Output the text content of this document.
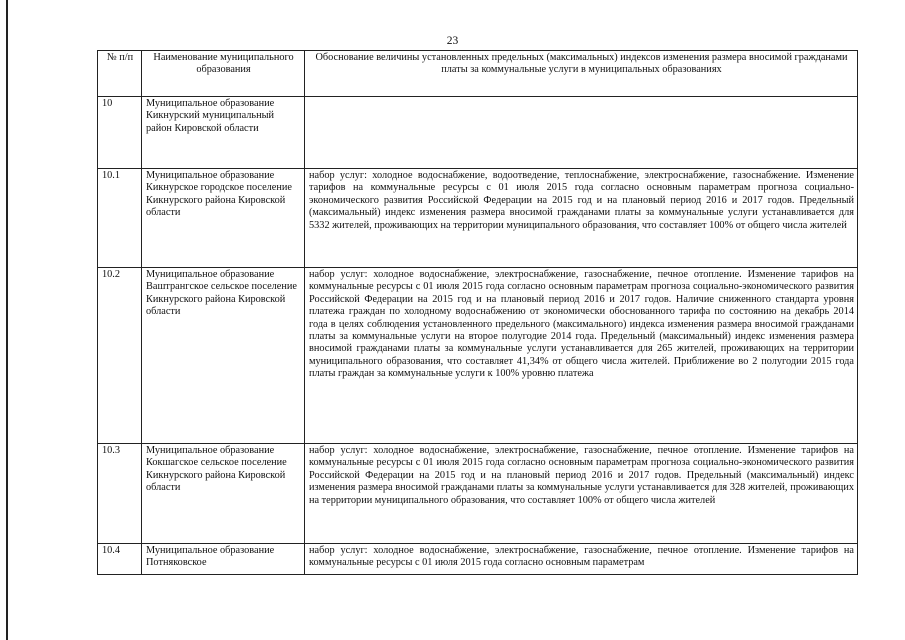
23
№ п/п	Наименование муниципального образования	Обоснование величины установленных предельных (максимальных) индексов изменения размера вносимой гражданами платы за коммунальные услуги в муниципальных образованиях
10	Муниципальное образование Кикнурский муниципальный район Кировской области	
10.1	Муниципальное образование Кикнурское городское поселение Кикнурского района Кировской области	набор услуг: холодное водоснабжение, водоотведение, теплоснабжение, электроснабжение, газоснабжение. Изменение тарифов на коммунальные ресурсы с 01 июля 2015 года согласно основным параметрам прогноза социально-экономического развития Российской Федерации на 2015 год и на плановый период 2016 и 2017 годов. Предельный (максимальный) индекс изменения размера вносимой гражданами платы за коммунальные услуги устанавливается для 5332 жителей, проживающих на территории муниципального образования, что составляет 100% от общего числа жителей
10.2	Муниципальное образование Ваштрангское сельское поселение Кикнурского района Кировской области	набор услуг: холодное водоснабжение, электроснабжение, газоснабжение, печное отопление. Изменение тарифов на коммунальные ресурсы с 01 июля 2015 года согласно основным параметрам прогноза социально-экономического развития Российской Федерации на 2015 год и на плановый период 2016 и 2017 годов. Наличие сниженного стандарта уровня платежа граждан по холодному водоснабжению от экономически обоснованного тарифа по состоянию на декабрь 2014 года в целях соблюдения установленного предельного (максимального) индекса изменения размера вносимой гражданами платы за коммунальные услуги на второе полугодие 2014 года. Предельный (максимальный) индекс изменения размера вносимой гражданами платы за коммунальные услуги устанавливается для 265 жителей, проживающих на территории муниципального образования, что составляет 41,34% от общего числа жителей. Приближение во 2 полугодии 2015 года платы граждан за коммунальные услуги к 100% уровню платежа
10.3	Муниципальное образование Кокшагское сельское поселение Кикнурского района Кировской области	набор услуг: холодное водоснабжение, электроснабжение, газоснабжение, печное отопление. Изменение тарифов на коммунальные ресурсы с 01 июля 2015 года согласно основным параметрам прогноза социально-экономического развития Российской Федерации на 2015 год и на плановый период 2016 и 2017 годов. Предельный (максимальный) индекс изменения размера вносимой гражданами платы за коммунальные услуги устанавливается для 328 жителей, проживающих на территории муниципального образования, что составляет 100% от общего числа жителей
10.4	Муниципальное образование Потняковское	набор услуг: холодное водоснабжение, электроснабжение, газоснабжение, печное отопление. Изменение тарифов на коммунальные ресурсы с 01 июля 2015 года согласно основным параметрам
